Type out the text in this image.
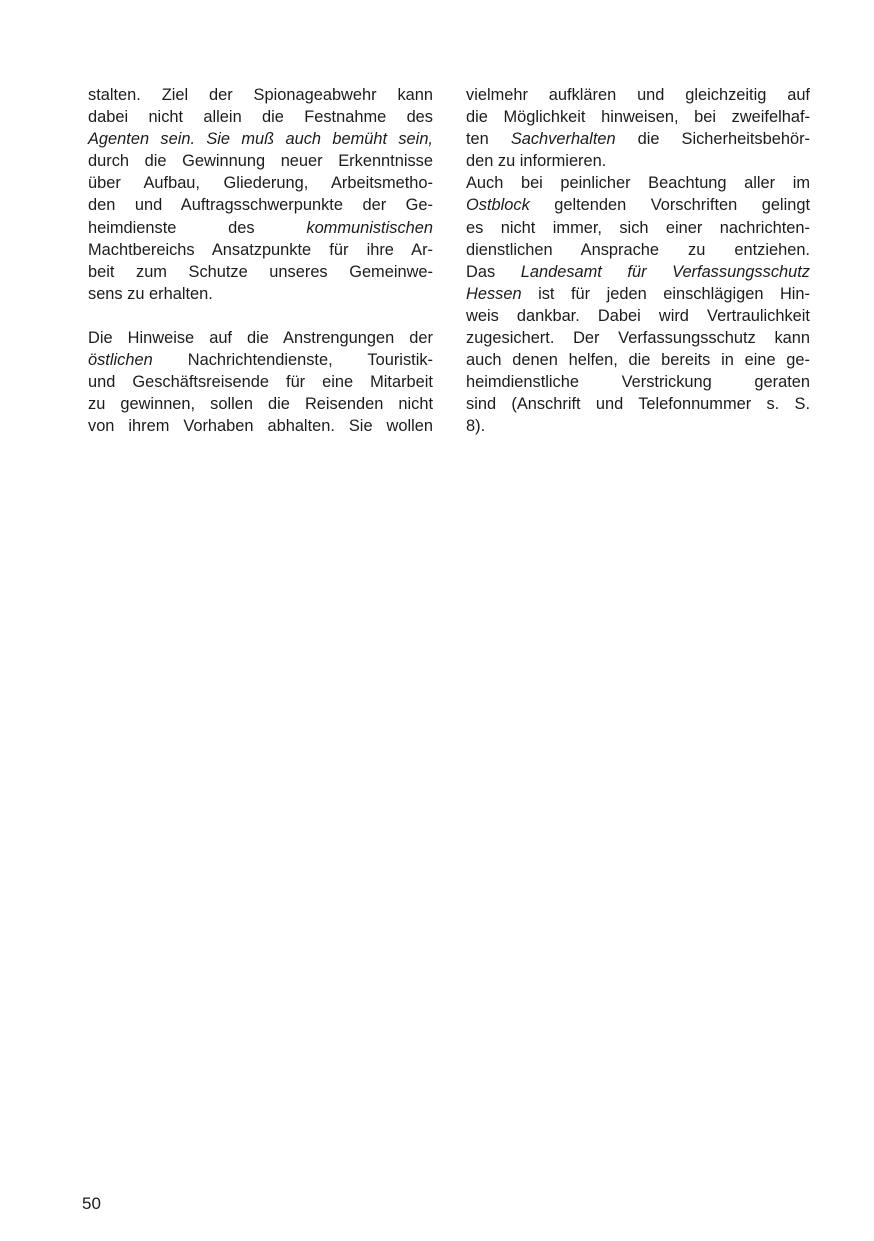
stalten. Ziel der Spionageabwehr kann
dabei nicht allein die Festnahme des
Agenten sein. Sie muß auch bemüht sein,
durch die Gewinnung neuer Erkenntnisse
über Aufbau, Gliederung, Arbeitsmetho-
den und Auftragsschwerpunkte der Ge-
heimdienste des kommunistischen
Machtbereichs Ansatzpunkte für ihre Ar-
beit zum Schutze unseres Gemeinwe-
sens zu erhalten.

Die Hinweise auf die Anstrengungen der
östlichen Nachrichtendienste, Touristik-
und Geschäftsreisende für eine Mitarbeit
zu gewinnen, sollen die Reisenden nicht
von ihrem Vorhaben abhalten. Sie wollen

vielmehr aufklären und gleichzeitig auf
die Möglichkeit hinweisen, bei zweifelhaf-
ten Sachverhalten die Sicherheitsbehör-
den zu informieren.

Auch bei peinlicher Beachtung aller im
Ostblock geltenden Vorschriften gelingt
es nicht immer, sich einer nachrichten-
dienstlichen Ansprache zu entziehen.
Das Landesamt für Verfassungsschutz
Hessen ist für jeden einschlägigen Hin-
weis dankbar. Dabei wird Vertraulichkeit
zugesichert. Der Verfassungsschutz kann
auch denen helfen, die bereits in eine ge-
heimdienstliche Verstrickung geraten
sind (Anschrift und Telefonnummer s. S.
8).

50
